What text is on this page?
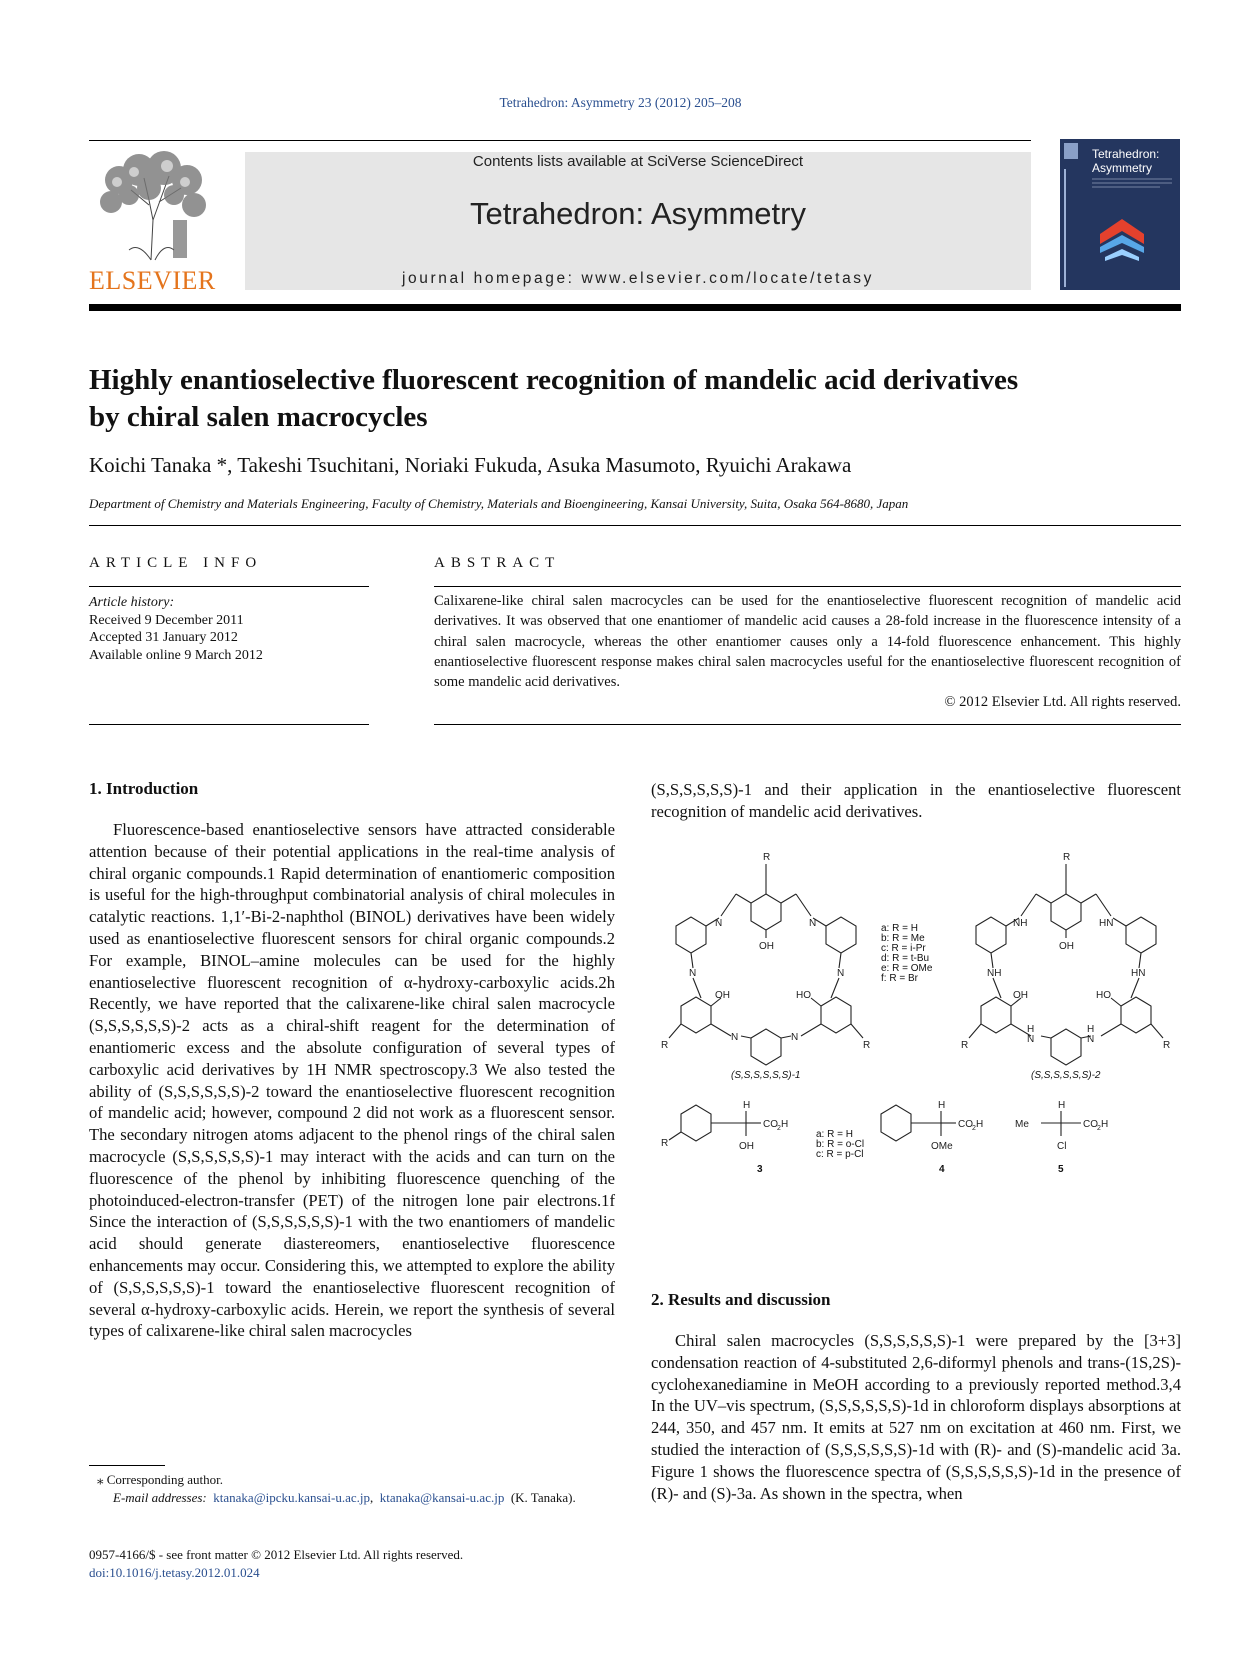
Tetrahedron: Asymmetry 23 (2012) 205–208
ELSEVIER
Contents lists available at SciVerse ScienceDirect
Tetrahedron: Asymmetry
journal homepage: www.elsevier.com/locate/tetasy
Tetrahedron: Asymmetry
Highly enantioselective fluorescent recognition of mandelic acid derivatives
by chiral salen macrocycles
Koichi Tanaka *, Takeshi Tsuchitani, Noriaki Fukuda, Asuka Masumoto, Ryuichi Arakawa
Department of Chemistry and Materials Engineering, Faculty of Chemistry, Materials and Bioengineering, Kansai University, Suita, Osaka 564-8680, Japan
ARTICLE INFO
Article history:
Received 9 December 2011
Accepted 31 January 2012
Available online 9 March 2012
ABSTRACT
Calixarene-like chiral salen macrocycles can be used for the enantioselective fluorescent recognition of mandelic acid derivatives. It was observed that one enantiomer of mandelic acid causes a 28-fold increase in the fluorescence intensity of a chiral salen macrocycle, whereas the other enantiomer causes only a 14-fold fluorescence enhancement. This highly enantioselective fluorescent response makes chiral salen macrocycles useful for the enantioselective fluorescent recognition of some mandelic acid derivatives.
© 2012 Elsevier Ltd. All rights reserved.
1. Introduction

Fluorescence-based enantioselective sensors have attracted considerable attention because of their potential applications in the real-time analysis of chiral organic compounds.1 Rapid determination of enantiomeric composition is useful for the high-throughput combinatorial analysis of chiral molecules in catalytic reactions. 1,1′-Bi-2-naphthol (BINOL) derivatives have been widely used as enantioselective fluorescent sensors for chiral organic compounds.2 For example, BINOL–amine molecules can be used for the highly enantioselective fluorescent recognition of α-hydroxy-carboxylic acids.2h Recently, we have reported that the calixarene-like chiral salen macrocycle (S,S,S,S,S,S)-2 acts as a chiral-shift reagent for the determination of enantiomeric excess and the absolute configuration of several types of carboxylic acid derivatives by 1H NMR spectroscopy.3 We also tested the ability of (S,S,S,S,S,S)-2 toward the enantioselective fluorescent recognition of mandelic acid; however, compound 2 did not work as a fluorescent sensor. The secondary nitrogen atoms adjacent to the phenol rings of the chiral salen macrocycle (S,S,S,S,S,S)-1 may interact with the acids and can turn on the fluorescence of the phenol by inhibiting fluorescence quenching of the photoinduced-electron-transfer (PET) of the nitrogen lone pair electrons.1f Since the interaction of (S,S,S,S,S,S)-1 with the two enantiomers of mandelic acid should generate diastereomers, enantioselective fluorescence enhancements may occur. Considering this, we attempted to explore the ability of (S,S,S,S,S,S)-1 toward the enantioselective fluorescent recognition of several α-hydroxy-carboxylic acids. Herein, we report the synthesis of several types of calixarene-like chiral salen macrocycles

⁎ Corresponding author.
E-mail addresses: ktanaka@ipcku.kansai-u.ac.jp,  ktanaka@kansai-u.ac.jp (K. Tanaka).
0957-4166/$ - see front matter © 2012 Elsevier Ltd. All rights reserved.
doi:10.1016/j.tetasy.2012.01.024
(S,S,S,S,S,S)-1 and their application in the enantioselective fluorescent recognition of mandelic acid derivatives.
R	R
OH	OH
N	N
N	N
OH	HO
R	R
N	N
NH	HN
NH	HN
OH	HO
R	R
H
N
H
N
H
CO 2 H
OH
R
H
CO 2 H
OMe
H
Me	CO 2 H
Cl
a: R = H
b: R = Me
c: R = i-Pr
d: R = t-Bu
e: R = OMe
f: R = Br
(S,S,S,S,S,S)-1	(S,S,S,S,S,S)-2
a: R = H
b: R = o-Cl
c: R = p-Cl
3	4	5
2. Results and discussion

Chiral salen macrocycles (S,S,S,S,S,S)-1 were prepared by the [3+3] condensation reaction of 4-substituted 2,6-diformyl phenols and trans-(1S,2S)-cyclohexanediamine in MeOH according to a previously reported method.3,4 In the UV–vis spectrum, (S,S,S,S,S,S)-1d in chloroform displays absorptions at 244, 350, and 457 nm. It emits at 527 nm on excitation at 460 nm. First, we studied the interaction of (S,S,S,S,S,S)-1d with (R)- and (S)-mandelic acid 3a. Figure 1 shows the fluorescence spectra of (S,S,S,S,S,S)-1d in the presence of (R)- and (S)-3a. As shown in the spectra, when
